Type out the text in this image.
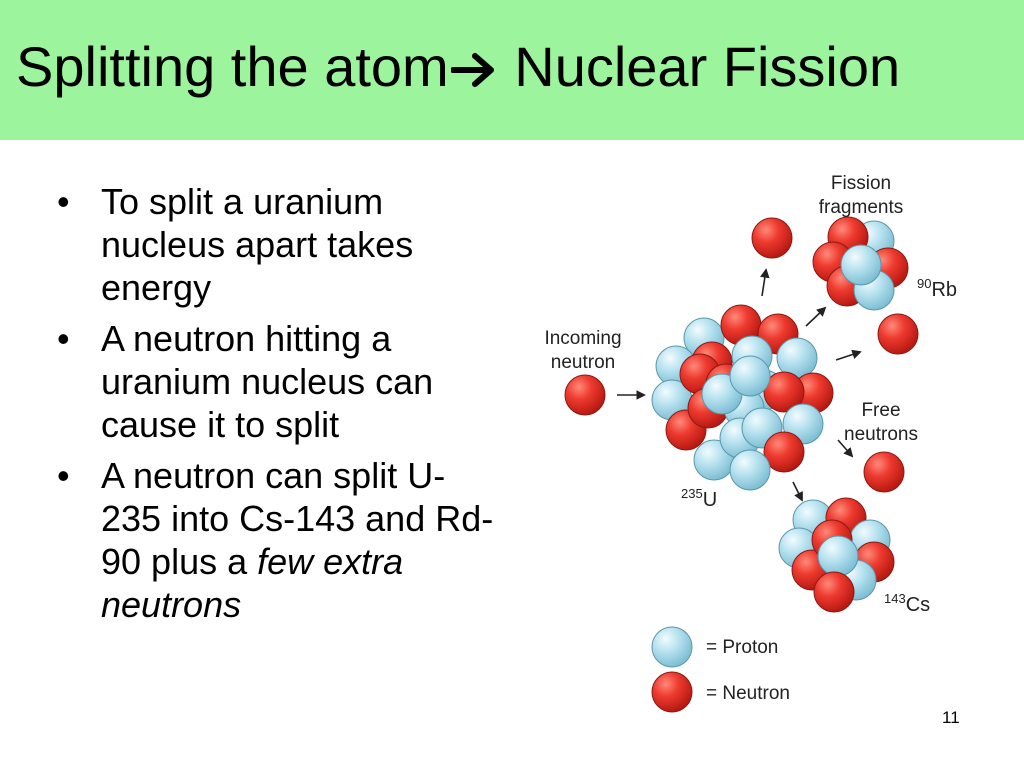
Splitting the atom Nuclear Fission
• To split a uranium nucleus apart takes energy
• A neutron hitting a uranium nucleus can cause it to split
• A neutron can split U-235 into Cs-143 and Rd-90 plus a few extra neutrons
Incoming
neutron
Fission
fragments
Free
neutrons
$^{90}$Rb
$^{235}$U
$^{143}$Cs
= Proton
= Neutron
11
